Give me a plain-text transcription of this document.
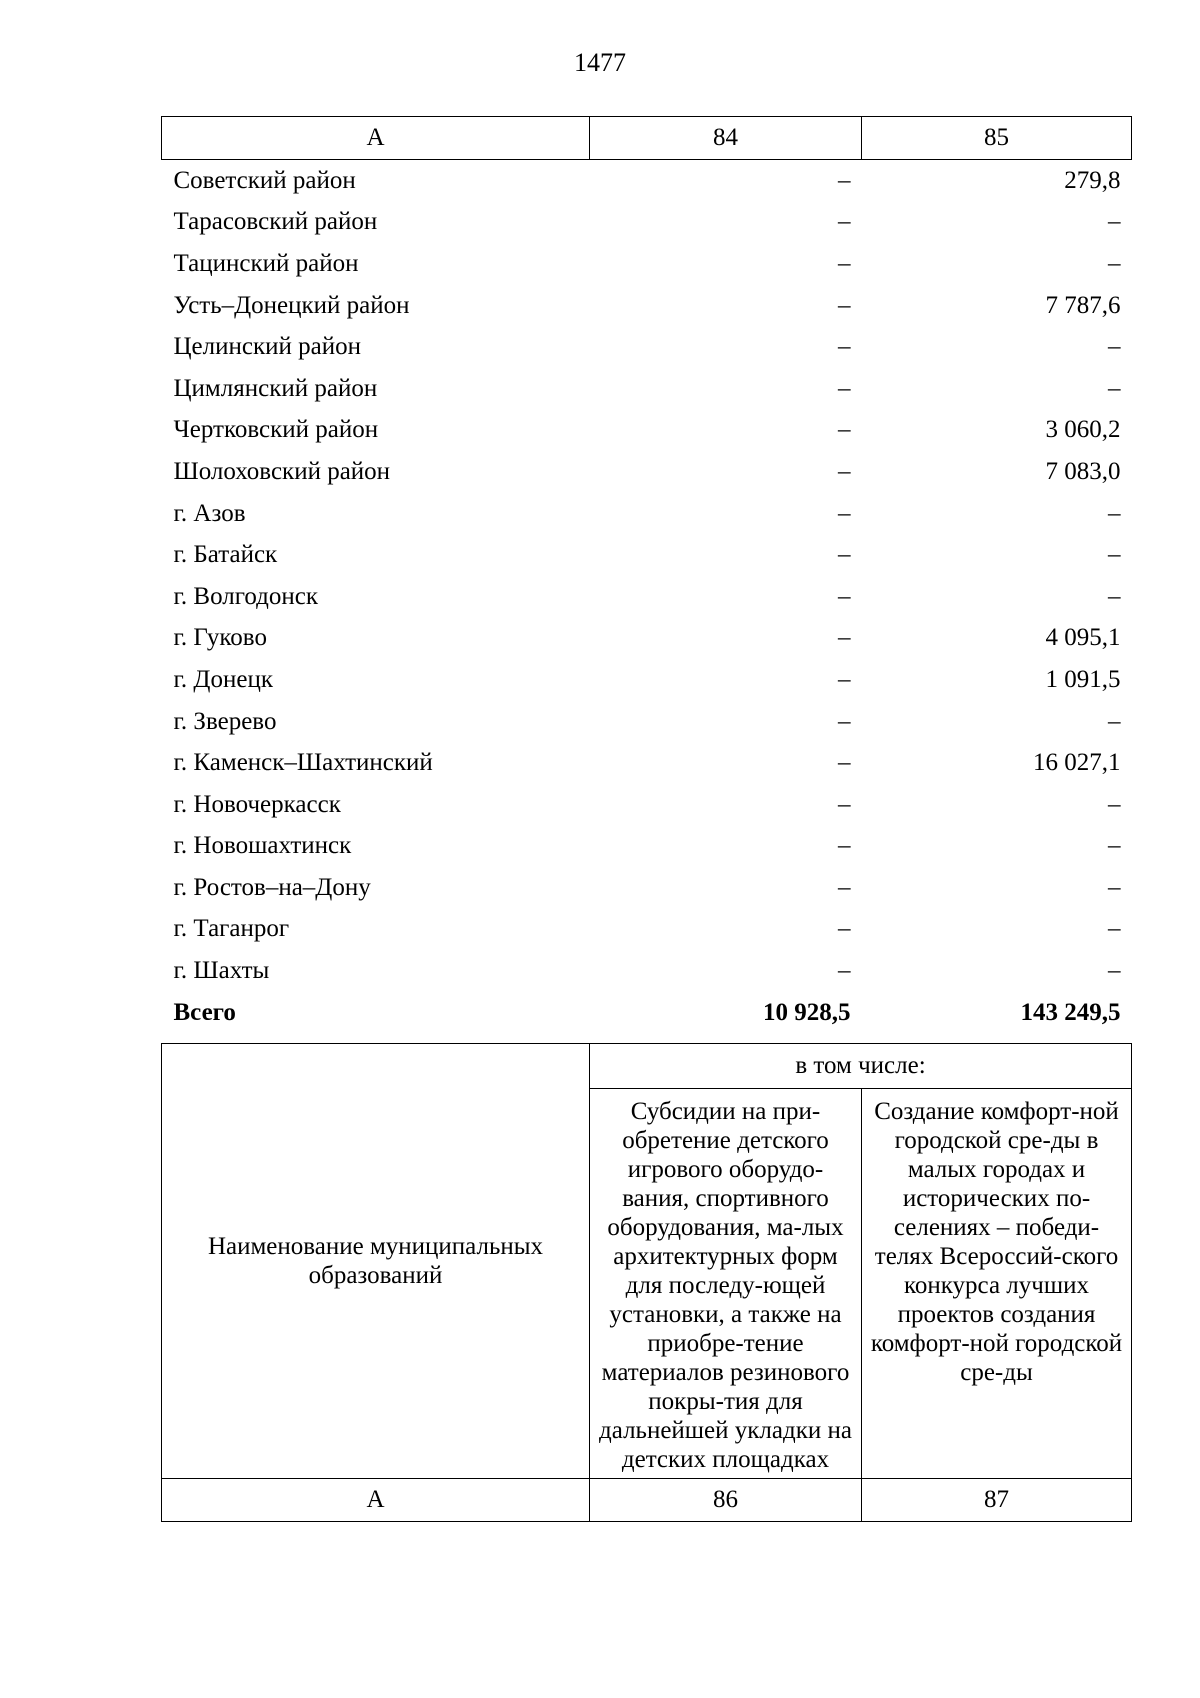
1477
А	84	85
Советский район	–	279,8
Тарасовский район	–	–
Тацинский район	–	–
Усть–Донецкий район	–	7 787,6
Целинский район	–	–
Цимлянский район	–	–
Чертковский район	–	3 060,2
Шолоховский район	–	7 083,0
г. Азов	–	–
г. Батайск	–	–
г. Волгодонск	–	–
г. Гуково	–	4 095,1
г. Донецк	–	1 091,5
г. Зверево	–	–
г. Каменск–Шахтинский	–	16 027,1
г. Новочеркасск	–	–
г. Новошахтинск	–	–
г. Ростов–на–Дону	–	–
г. Таганрог	–	–
г. Шахты	–	–
Всего	10 928,5	143 249,5
Наименование муниципальных образований	в том числе:	
	Субсидии на при-обретение детского игрового оборудо-вания, спортивного оборудования, ма-лых архитектурных форм для последу-ющей установки, а также на приобре-тение материалов резинового покры-тия для дальнейшей укладки на детских площадках	Создание комфорт-ной городской сре-ды в малых городах и исторических по-селениях – победи-телях Всероссий-ского конкурса лучших проектов создания комфорт-ной городской сре-ды
А	86	87
